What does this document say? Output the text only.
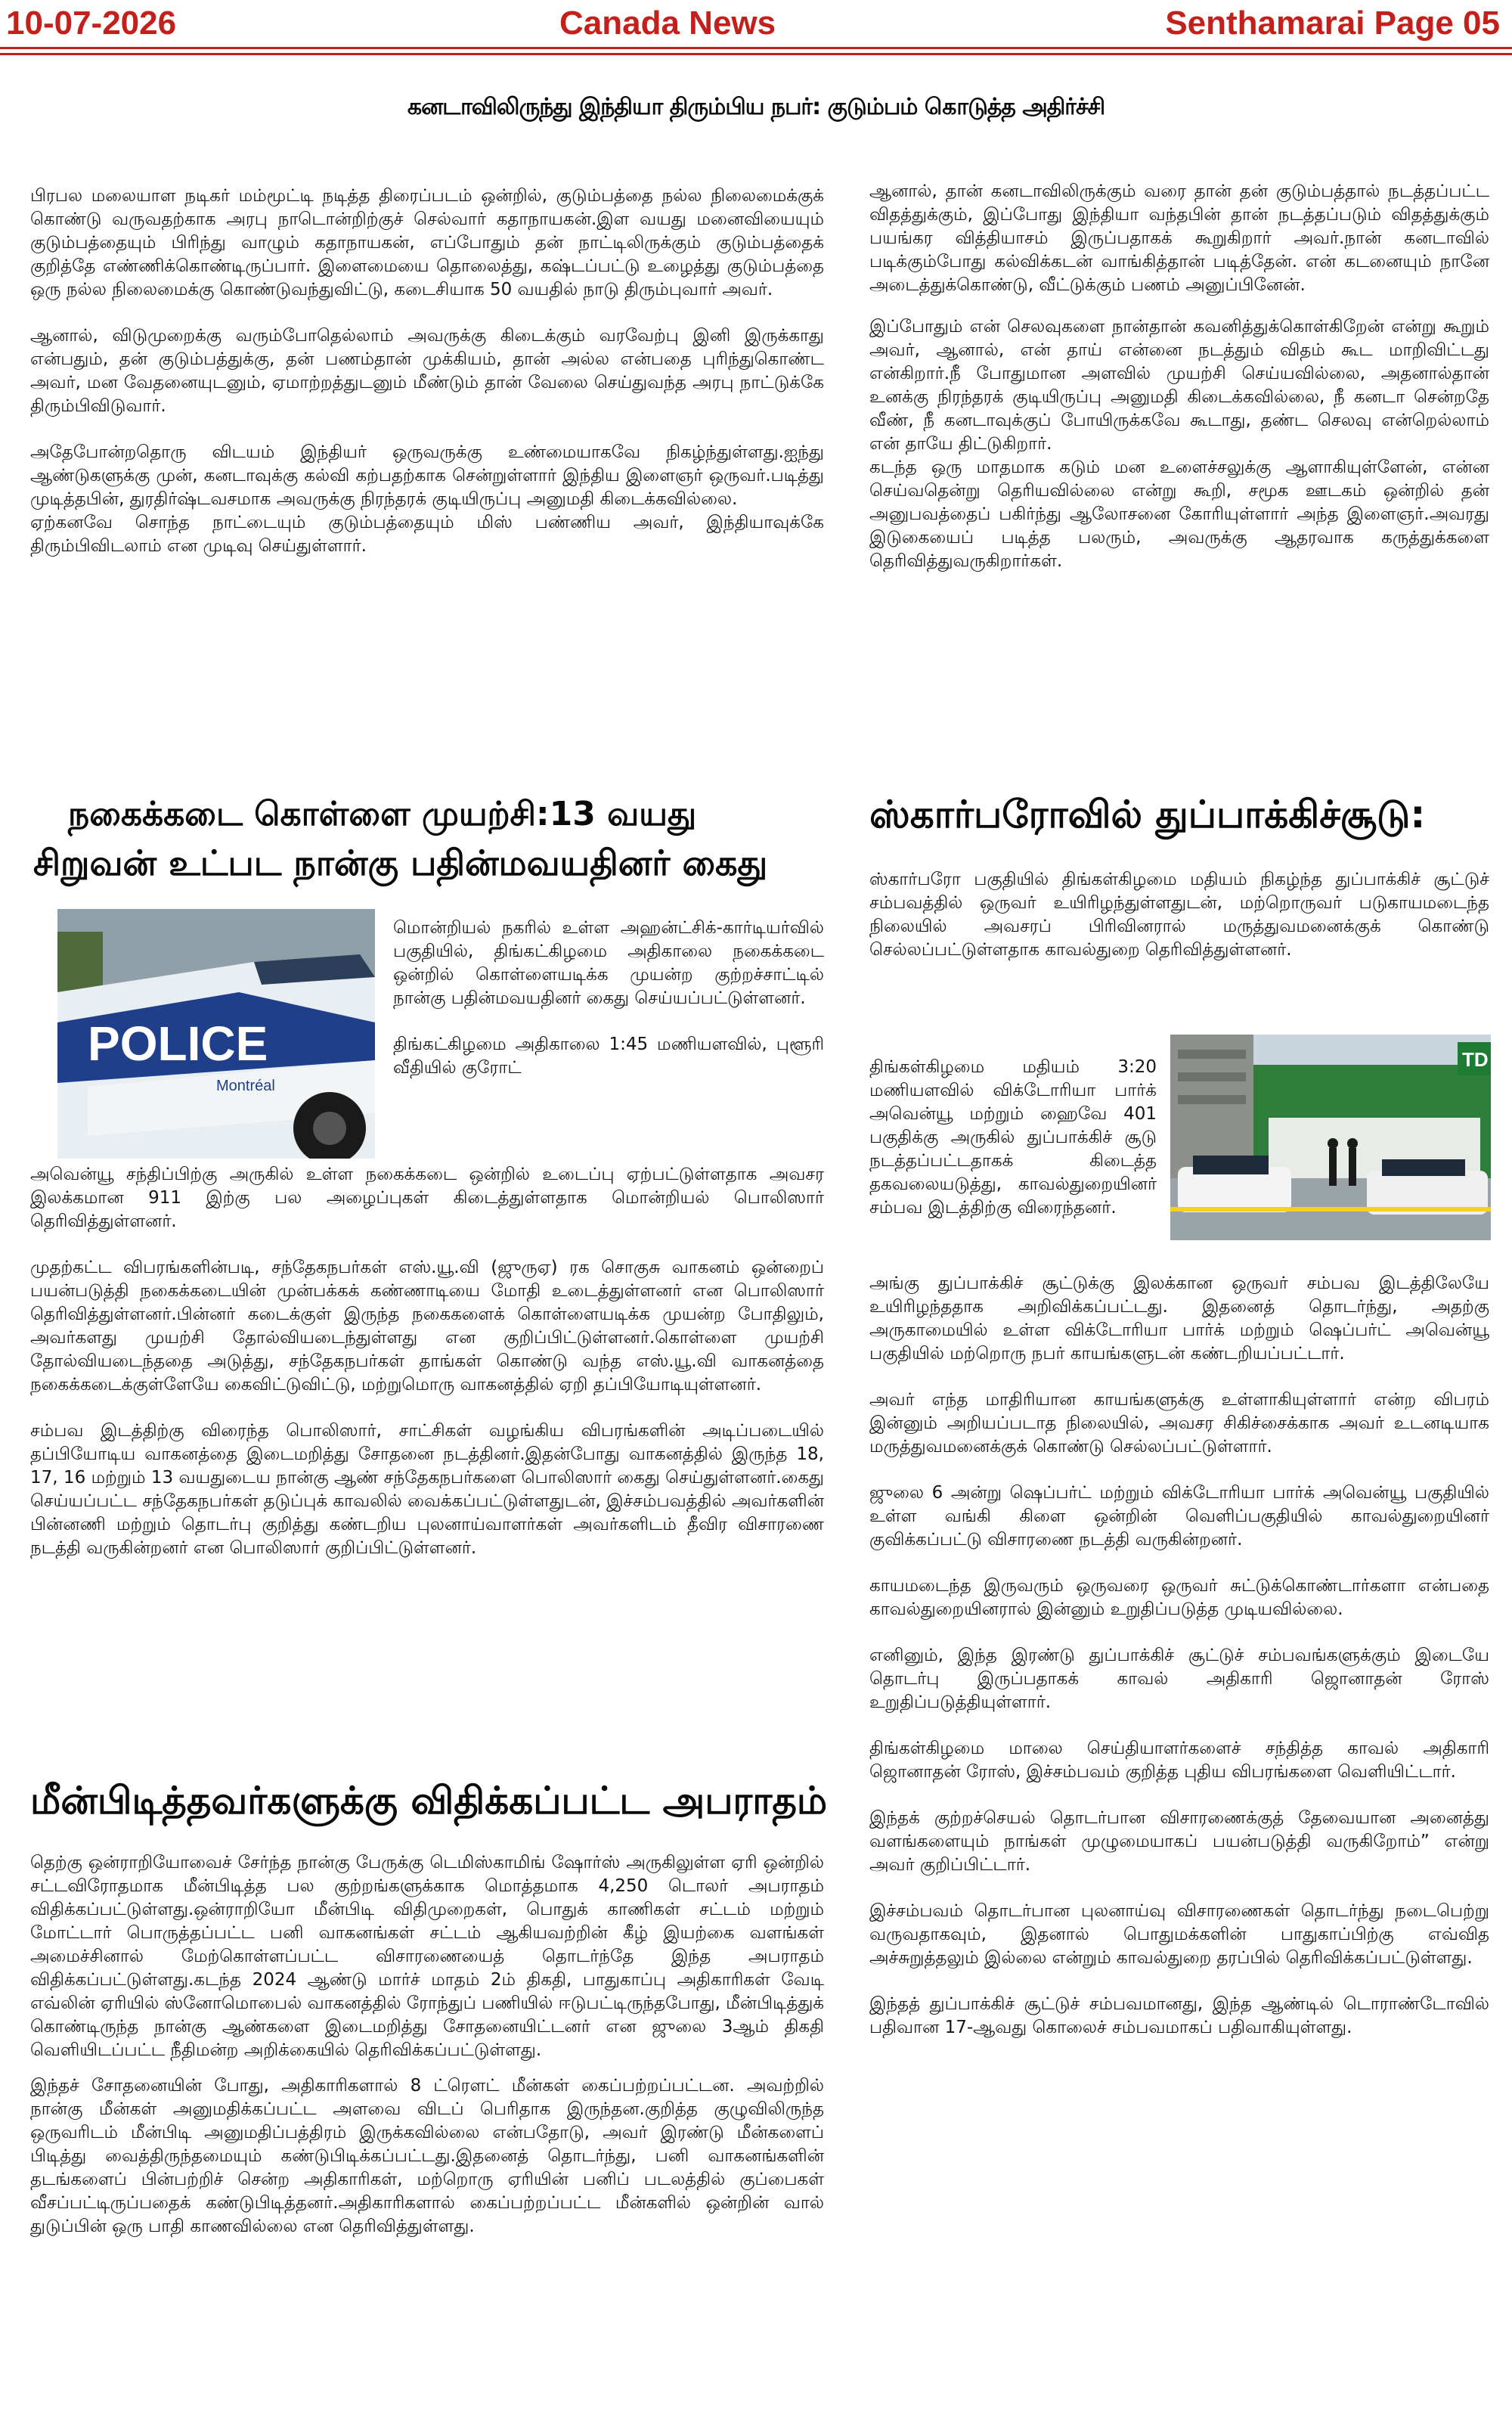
10-07-2026	Canada News	Senthamarai Page 05
கனடாவிலிருந்து இந்தியா திரும்பிய நபர்: குடும்பம் கொடுத்த அதிர்ச்சி

பிரபல மலையாள நடிகர் மம்மூட்டி நடித்த திரைப்படம் ஒன்றில், குடும்பத்தை நல்ல நிலைமைக்குக் கொண்டு வருவதற்காக அரபு நாடொன்றிற்குச் செல்வார் கதாநாயகன்.இள வயது மனைவியையும் குடும்பத்தையும் பிரிந்து வாழும் கதாநாயகன், எப்போதும் தன் நாட்டிலிருக்கும் குடும்பத்தைக் குறித்தே எண்ணிக்கொண்டிருப்பார். இளைமையை தொலைத்து, கஷ்டப்பட்டு உழைத்து குடும்பத்தை ஒரு நல்ல நிலைமைக்கு கொண்டுவந்துவிட்டு, கடைசியாக 50 வயதில் நாடு திரும்புவார் அவர்.

ஆனால், விடுமுறைக்கு வரும்போதெல்லாம் அவருக்கு கிடைக்கும் வரவேற்பு இனி இருக்காது என்பதும், தன் குடும்பத்துக்கு, தன் பணம்தான் முக்கியம், தான் அல்ல என்பதை புரிந்துகொண்ட அவர், மன வேதனையுடனும், ஏமாற்றத்துடனும் மீண்டும் தான் வேலை செய்துவந்த அரபு நாட்டுக்கே திரும்பிவிடுவார்.

அதேபோன்றதொரு விடயம் இந்தியர் ஒருவருக்கு உண்மையாகவே நிகழ்ந்துள்ளது.ஐந்து ஆண்டுகளுக்கு முன், கனடாவுக்கு கல்வி கற்பதற்காக சென்றுள்ளார் இந்திய இளைஞர் ஒருவர்.படித்து முடித்தபின், துரதிர்ஷ்டவசமாக அவருக்கு நிரந்தரக் குடியிருப்பு அனுமதி கிடைக்கவில்லை.

ஏற்கனவே சொந்த நாட்டையும் குடும்பத்தையும் மிஸ் பண்ணிய அவர், இந்தியாவுக்கே திரும்பிவிடலாம் என முடிவு செய்துள்ளார்.

ஆனால், தான் கனடாவிலிருக்கும் வரை தான் தன் குடும்பத்தால் நடத்தப்பட்ட விதத்துக்கும், இப்போது இந்தியா வந்தபின் தான் நடத்தப்படும் விதத்துக்கும் பயங்கர வித்தியாசம் இருப்பதாகக் கூறுகிறார் அவர்.நான் கனடாவில் படிக்கும்போது கல்விக்கடன் வாங்கித்தான் படித்தேன். என் கடனையும் நானே அடைத்துக்கொண்டு, வீட்டுக்கும் பணம் அனுப்பினேன்.

இப்போதும் என் செலவுகளை நான்தான் கவனித்துக்கொள்கிறேன் என்று கூறும் அவர், ஆனால், என் தாய் என்னை நடத்தும் விதம் கூட மாறிவிட்டது என்கிறார்.நீ போதுமான அளவில் முயற்சி செய்யவில்லை, அதனால்தான் உனக்கு நிரந்தரக் குடியிருப்பு அனுமதி கிடைக்கவில்லை, நீ கனடா சென்றதே வீண், நீ கனடாவுக்குப் போயிருக்கவே கூடாது, தண்ட செலவு என்றெல்லாம் என் தாயே திட்டுகிறார்.

கடந்த ஒரு மாதமாக கடும் மன உளைச்சலுக்கு ஆளாகியுள்ளேன், என்ன செய்வதென்று தெரியவில்லை என்று கூறி, சமூக ஊடகம் ஒன்றில் தன் அனுபவத்தைப் பகிர்ந்து ஆலோசனை கோரியுள்ளார் அந்த இளைஞர்.அவரது இடுகையைப் படித்த பலரும், அவருக்கு ஆதரவாக கருத்துக்களை தெரிவித்துவருகிறார்கள்.

நகைக்கடை கொள்ளை முயற்சி:13 வயது
சிறுவன் உட்பட நான்கு பதின்மவயதினர் கைது
POLICE
Montréal

மொன்றியல் நகரில் உள்ள அஹன்ட்சிக்-கார்டியர்வில் பகுதியில், திங்கட்கிழமை அதிகாலை நகைக்கடை ஒன்றில் கொள்ளையடிக்க முயன்ற குற்றச்சாட்டில் நான்கு பதின்மவயதினர் கைது செய்யப்பட்டுள்ளனர்.

திங்கட்கிழமை அதிகாலை 1:45 மணியளவில், புளூரி வீதியில் குரோட்

அவென்யூ சந்திப்பிற்கு அருகில் உள்ள நகைக்கடை ஒன்றில் உடைப்பு ஏற்பட்டுள்ளதாக அவசர இலக்கமான 911 இற்கு பல அழைப்புகள் கிடைத்துள்ளதாக மொன்றியல் பொலிஸார் தெரிவித்துள்ளனர்.

முதற்கட்ட விபரங்களின்படி, சந்தேகநபர்கள் எஸ்.யூ.வி (ஜுருஏ) ரக சொகுசு வாகனம் ஒன்றைப் பயன்படுத்தி நகைக்கடையின் முன்பக்கக் கண்ணாடியை மோதி உடைத்துள்ளனர் என பொலிஸார் தெரிவித்துள்ளனர்.பின்னர் கடைக்குள் இருந்த நகைகளைக் கொள்ளையடிக்க முயன்ற போதிலும், அவர்களது முயற்சி தோல்வியடைந்துள்ளது என குறிப்பிட்டுள்ளனர்.கொள்ளை முயற்சி தோல்வியடைந்ததை அடுத்து, சந்தேகநபர்கள் தாங்கள் கொண்டு வந்த எஸ்.யூ.வி வாகனத்தை நகைக்கடைக்குள்ளேயே கைவிட்டுவிட்டு, மற்றுமொரு வாகனத்தில் ஏறி தப்பியோடியுள்ளனர்.

சம்பவ இடத்திற்கு விரைந்த பொலிஸார், சாட்சிகள் வழங்கிய விபரங்களின் அடிப்படையில் தப்பியோடிய வாகனத்தை இடைமறித்து சோதனை நடத்தினர்.இதன்போது வாகனத்தில் இருந்த 18, 17, 16 மற்றும் 13 வயதுடைய நான்கு ஆண் சந்தேகநபர்களை பொலிஸார் கைது செய்துள்ளனர்.கைது செய்யப்பட்ட சந்தேகநபர்கள் தடுப்புக் காவலில் வைக்கப்பட்டுள்ளதுடன், இச்சம்பவத்தில் அவர்களின் பின்னணி மற்றும் தொடர்பு குறித்து கண்டறிய புலனாய்வாளர்கள் அவர்களிடம் தீவிர விசாரணை நடத்தி வருகின்றனர் என பொலிஸார் குறிப்பிட்டுள்ளனர்.

மீன்பிடித்தவர்களுக்கு விதிக்கப்பட்ட அபராதம்

தெற்கு ஒன்ராறியோவைச் சேர்ந்த நான்கு பேருக்கு டெமிஸ்காமிங் ஷோர்ஸ் அருகிலுள்ள ஏரி ஒன்றில் சட்டவிரோதமாக மீன்பிடித்த பல குற்றங்களுக்காக மொத்தமாக 4,250 டொலர் அபராதம் விதிக்கப்பட்டுள்ளது.ஒன்ராறியோ மீன்பிடி விதிமுறைகள், பொதுக் காணிகள் சட்டம் மற்றும் மோட்டார் பொருத்தப்பட்ட பனி வாகனங்கள் சட்டம் ஆகியவற்றின் கீழ் இயற்கை வளங்கள் அமைச்சினால் மேற்கொள்ளப்பட்ட விசாரணையைத் தொடர்ந்தே இந்த அபராதம் விதிக்கப்பட்டுள்ளது.கடந்த 2024 ஆண்டு மார்ச் மாதம் 2ம் திகதி, பாதுகாப்பு அதிகாரிகள் வேடி எவ்லின் ஏரியில் ஸ்னோமொபைல் வாகனத்தில் ரோந்துப் பணியில் ஈடுபட்டிருந்தபோது, மீன்பிடித்துக் கொண்டிருந்த நான்கு ஆண்களை இடைமறித்து சோதனையிட்டனர் என ஜுலை 3ஆம் திகதி வெளியிடப்பட்ட நீதிமன்ற அறிக்கையில் தெரிவிக்கப்பட்டுள்ளது.

இந்தச் சோதனையின் போது, அதிகாரிகளால் 8 ட்ரௌட் மீன்கள் கைப்பற்றப்பட்டன. அவற்றில் நான்கு மீன்கள் அனுமதிக்கப்பட்ட அளவை விடப் பெரிதாக இருந்தன.குறித்த குழுவிலிருந்த ஒருவரிடம் மீன்பிடி அனுமதிப்பத்திரம் இருக்கவில்லை என்பதோடு, அவர் இரண்டு மீன்களைப் பிடித்து வைத்திருந்தமையும் கண்டுபிடிக்கப்பட்டது.இதனைத் தொடர்ந்து, பனி வாகனங்களின் தடங்களைப் பின்பற்றிச் சென்ற அதிகாரிகள், மற்றொரு ஏரியின் பனிப் படலத்தில் குப்பைகள் வீசப்பட்டிருப்பதைக் கண்டுபிடித்தனர்.அதிகாரிகளால் கைப்பற்றப்பட்ட மீன்களில் ஒன்றின் வால் துடுப்பின் ஒரு பாதி காணவில்லை என தெரிவித்துள்ளது.

ஸ்கார்பரோவில் துப்பாக்கிச்சூடு:

ஸ்கார்பரோ பகுதியில் திங்கள்கிழமை மதியம் நிகழ்ந்த துப்பாக்கிச் சூட்டுச் சம்பவத்தில் ஒருவர் உயிரிழந்துள்ளதுடன், மற்றொருவர் படுகாயமடைந்த நிலையில் அவசரப் பிரிவினரால் மருத்துவமனைக்குக் கொண்டு செல்லப்பட்டுள்ளதாக காவல்துறை தெரிவித்துள்ளனர்.

TD

திங்கள்கிழமை மதியம் 3:20 மணியளவில் விக்டோரியா பார்க் அவென்யூ மற்றும் ஹைவே 401 பகுதிக்கு அருகில் துப்பாக்கிச் சூடு நடத்தப்பட்டதாகக் கிடைத்த தகவலையடுத்து, காவல்துறையினர் சம்பவ இடத்திற்கு விரைந்தனர்.

அங்கு துப்பாக்கிச் சூட்டுக்கு இலக்கான ஒருவர் சம்பவ இடத்திலேயே உயிரிழந்ததாக அறிவிக்கப்பட்டது. இதனைத் தொடர்ந்து, அதற்கு அருகாமையில் உள்ள விக்டோரியா பார்க் மற்றும் ஷெப்பர்ட் அவென்யூ பகுதியில் மற்றொரு நபர் காயங்களுடன் கண்டறியப்பட்டார்.

அவர் எந்த மாதிரியான காயங்களுக்கு உள்ளாகியுள்ளார் என்ற விபரம் இன்னும் அறியப்படாத நிலையில், அவசர சிகிச்சைக்காக அவர் உடனடியாக மருத்துவமனைக்குக் கொண்டு செல்லப்பட்டுள்ளார்.

ஜுலை 6 அன்று ஷெப்பர்ட் மற்றும் விக்டோரியா பார்க் அவென்யூ பகுதியில் உள்ள வங்கி கிளை ஒன்றின் வெளிப்பகுதியில் காவல்துறையினர் குவிக்கப்பட்டு விசாரணை நடத்தி வருகின்றனர்.

காயமடைந்த இருவரும் ஒருவரை ஒருவர் சுட்டுக்கொண்டார்களா என்பதை காவல்துறையினரால் இன்னும் உறுதிப்படுத்த முடியவில்லை.

எனினும், இந்த இரண்டு துப்பாக்கிச் சூட்டுச் சம்பவங்களுக்கும் இடையே தொடர்பு இருப்பதாகக் காவல் அதிகாரி ஜொனாதன் ரோஸ் உறுதிப்படுத்தியுள்ளார்.

திங்கள்கிழமை மாலை செய்தியாளர்களைச் சந்தித்த காவல் அதிகாரி ஜொனாதன் ரோஸ், இச்சம்பவம் குறித்த புதிய விபரங்களை வெளியிட்டார்.

இந்தக் குற்றச்செயல் தொடர்பான விசாரணைக்குத் தேவையான அனைத்து வளங்களையும் நாங்கள் முழுமையாகப் பயன்படுத்தி வருகிறோம்” என்று அவர் குறிப்பிட்டார்.

இச்சம்பவம் தொடர்பான புலனாய்வு விசாரணைகள் தொடர்ந்து நடைபெற்று வருவதாகவும், இதனால் பொதுமக்களின் பாதுகாப்பிற்கு எவ்வித அச்சுறுத்தலும் இல்லை என்றும் காவல்துறை தரப்பில் தெரிவிக்கப்பட்டுள்ளது.

இந்தத் துப்பாக்கிச் சூட்டுச் சம்பவமானது, இந்த ஆண்டில் டொராண்டோவில் பதிவான 17-ஆவது கொலைச் சம்பவமாகப் பதிவாகியுள்ளது.
